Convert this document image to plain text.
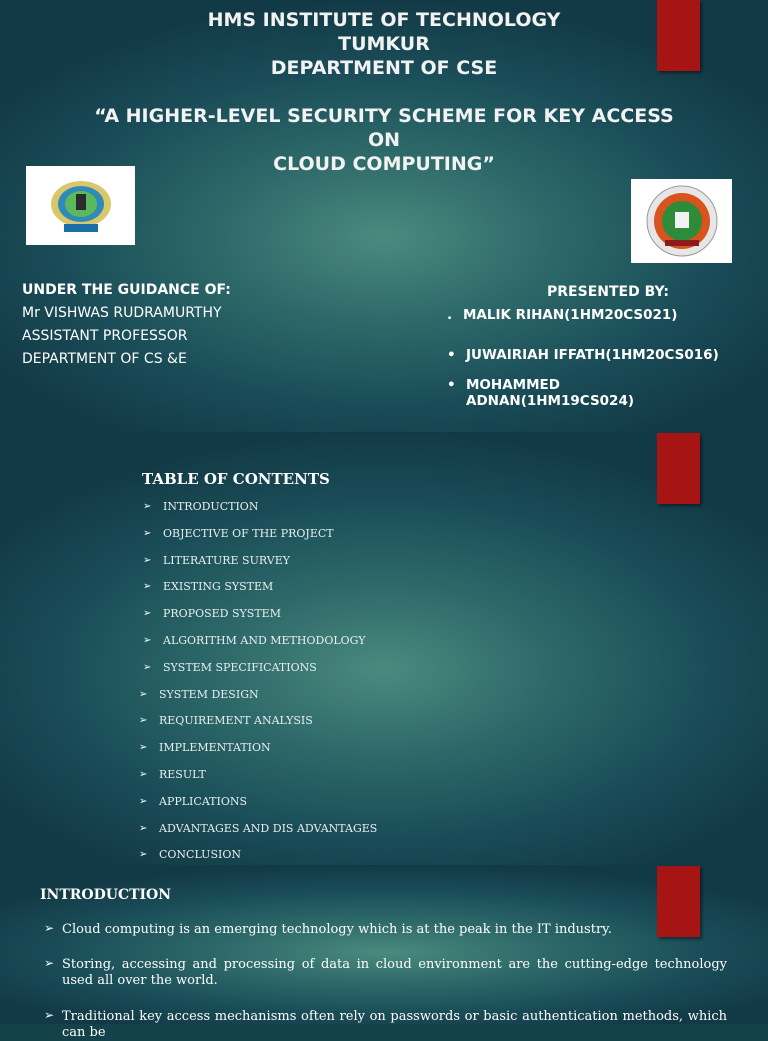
HMS INSTITUTE OF TECHNOLOGY
TUMKUR
DEPARTMENT OF CSE
“A HIGHER-LEVEL SECURITY SCHEME FOR KEY ACCESS
ON
CLOUD COMPUTING”
UNDER THE GUIDANCE OF:
Mr VISHWAS RUDRAMURTHY
ASSISTANT PROFESSOR
DEPARTMENT OF CS &E
PRESENTED BY:
. MALIK RIHAN(1HM20CS021)
• JUWAIRIAH IFFATH(1HM20CS016)
• MOHAMMED
ADNAN(1HM19CS024)
TABLE OF CONTENTS
➢ INTRODUCTION
➢ OBJECTIVE OF THE PROJECT
➢ LITERATURE SURVEY
➢ EXISTING SYSTEM
➢ PROPOSED SYSTEM
➢ ALGORITHM AND METHODOLOGY
➢ SYSTEM SPECIFICATIONS
➢ SYSTEM DESIGN
➢ REQUIREMENT ANALYSIS
➢ IMPLEMENTATION
➢ RESULT
➢ APPLICATIONS
➢ ADVANTAGES AND DIS ADVANTAGES
➢ CONCLUSION
INTRODUCTION
➢ Cloud computing is an emerging technology which is at the peak in the IT industry.
➢ Storing, accessing and processing of data in cloud environment are the cutting-edge technology used all over the world.
➢ Traditional key access mechanisms often rely on passwords or basic authentication methods, which can be
